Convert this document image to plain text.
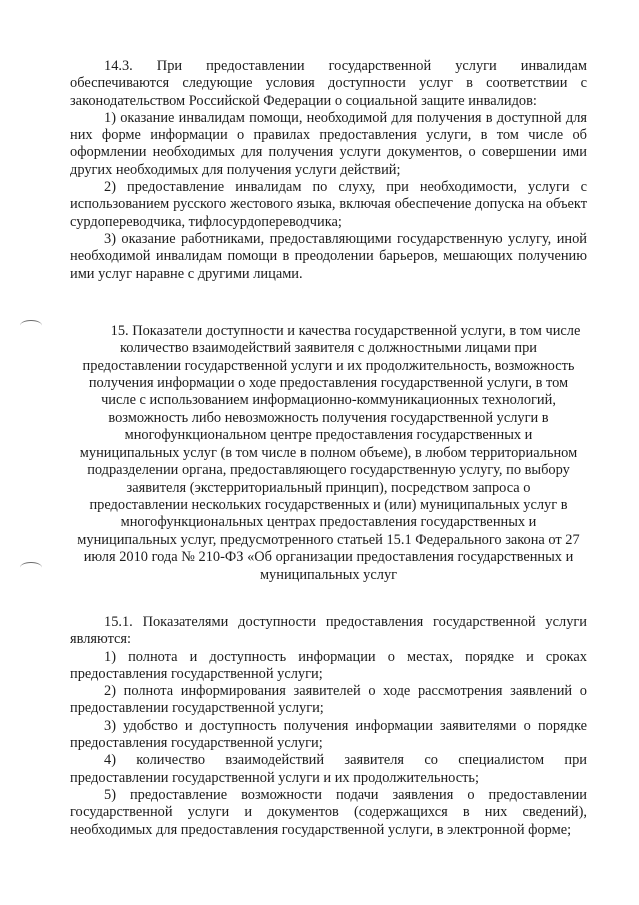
14.3. При предоставлении государственной услуги инвалидам обеспечиваются следующие условия доступности услуг в соответствии с законодательством Российской Федерации о социальной защите инвалидов:

1) оказание инвалидам помощи, необходимой для получения в доступной для них форме информации о правилах предоставления услуги, в том числе об оформлении необходимых для получения услуги документов, о совершении ими других необходимых для получения услуги действий;

2) предоставление инвалидам по слуху, при необходимости, услуги с использованием русского жестового языка, включая обеспечение допуска на объект сурдопереводчика, тифлосурдопереводчика;

3) оказание работниками, предоставляющими государственную услугу, иной необходимой инвалидам помощи в преодолении барьеров, мешающих получению ими услуг наравне с другими лицами.

15. Показатели доступности и качества государственной услуги, в том числе количество взаимодействий заявителя с должностными лицами при предоставлении государственной услуги и их продолжительность, возможность получения информации о ходе предоставления государственной услуги, в том числе с использованием информационно-коммуникационных технологий, возможность либо невозможность получения государственной услуги в многофункциональном центре предоставления государственных и муниципальных услуг (в том числе в полном объеме), в любом территориальном подразделении органа, предоставляющего государственную услугу, по выбору заявителя (экстерриториальный принцип), посредством запроса о предоставлении нескольких государственных и (или) муниципальных услуг в многофункциональных центрах предоставления государственных и муниципальных услуг, предусмотренного статьей 15.1 Федерального закона от 27 июля 2010 года № 210-ФЗ «Об организации предоставления государственных и муниципальных услуг

15.1. Показателями доступности предоставления государственной услуги являются:

1) полнота и доступность информации о местах, порядке и сроках предоставления государственной услуги;

2) полнота информирования заявителей о ходе рассмотрения заявлений о предоставлении государственной услуги;

3) удобство и доступность получения информации заявителями о порядке предоставления государственной услуги;

4) количество взаимодействий заявителя со специалистом при предоставлении государственной услуги и их продолжительность;

5) предоставление возможности подачи заявления о предоставлении государственной услуги и документов (содержащихся в них сведений), необходимых для предоставления государственной услуги, в электронной форме;
